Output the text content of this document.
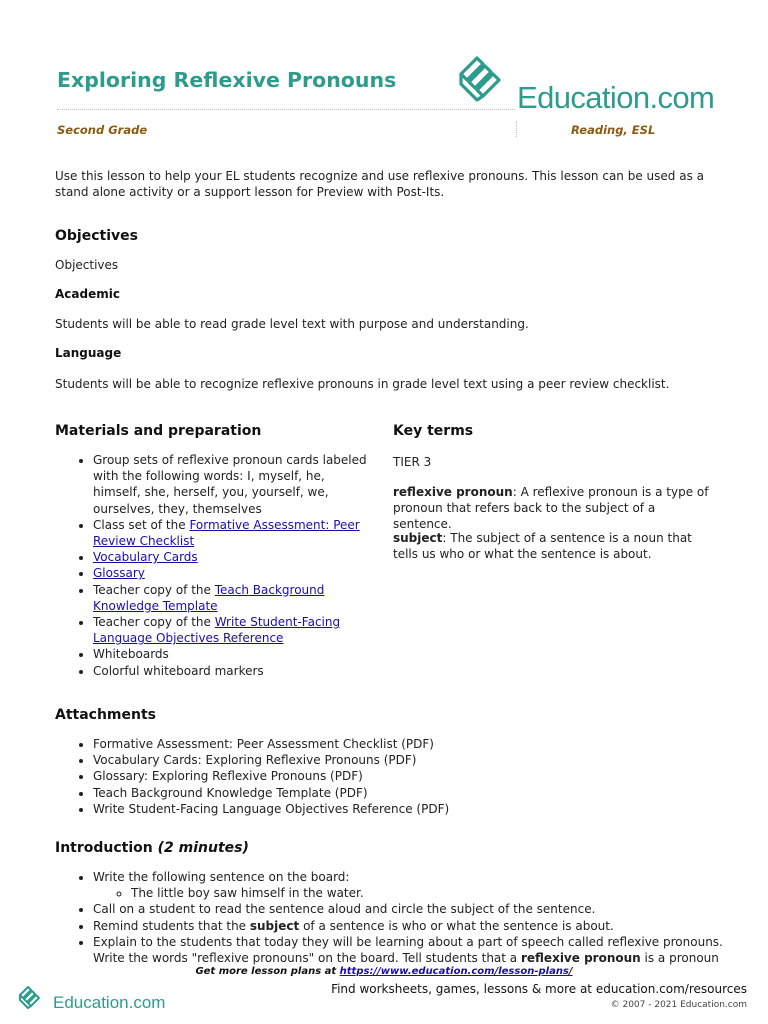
Exploring Reflexive Pronouns	Education.com
Second Grade	Reading, ESL

Use this lesson to help your EL students recognize and use reflexive pronouns. This lesson can be used as a stand alone activity or a support lesson for Preview with Post-Its.

Objectives

Objectives

Academic

Students will be able to read grade level text with purpose and understanding.

Language

Students will be able to recognize reflexive pronouns in grade level text using a peer review checklist.

Materials and preparation
• Group sets of reflexive pronoun cards labeled with the following words: I, myself, he, himself, she, herself, you, yourself, we, ourselves, they, themselves
• Class set of the Formative Assessment: Peer Review Checklist
• Vocabulary Cards
• Glossary
• Teacher copy of the Teach Background Knowledge Template
• Teacher copy of the Write Student-Facing Language Objectives Reference
• Whiteboards
• Colorful whiteboard markers
Key terms

TIER 3

reflexive pronoun: A reflexive pronoun is a type of pronoun that refers back to the subject of a sentence.

subject: The subject of a sentence is a noun that tells us who or what the sentence is about.

Attachments
• Formative Assessment: Peer Assessment Checklist (PDF)
• Vocabulary Cards: Exploring Reflexive Pronouns (PDF)
• Glossary: Exploring Reflexive Pronouns (PDF)
• Teach Background Knowledge Template (PDF)
• Write Student-Facing Language Objectives Reference (PDF)
Introduction (2 minutes)
• Write the following sentence on the board:
◦ The little boy saw himself in the water.
• Call on a student to read the sentence aloud and circle the subject of the sentence.
• Remind students that the subject of a sentence is who or what the sentence is about.
• Explain to the students that today they will be learning about a part of speech called reflexive pronouns. Write the words "reflexive pronouns" on the board. Tell students that a reflexive pronoun is a pronoun
Get more lesson plans at https://www.education.com/lesson-plans/
Education.com
Find worksheets, games, lessons & more at education.com/resources
© 2007 - 2021 Education.com
